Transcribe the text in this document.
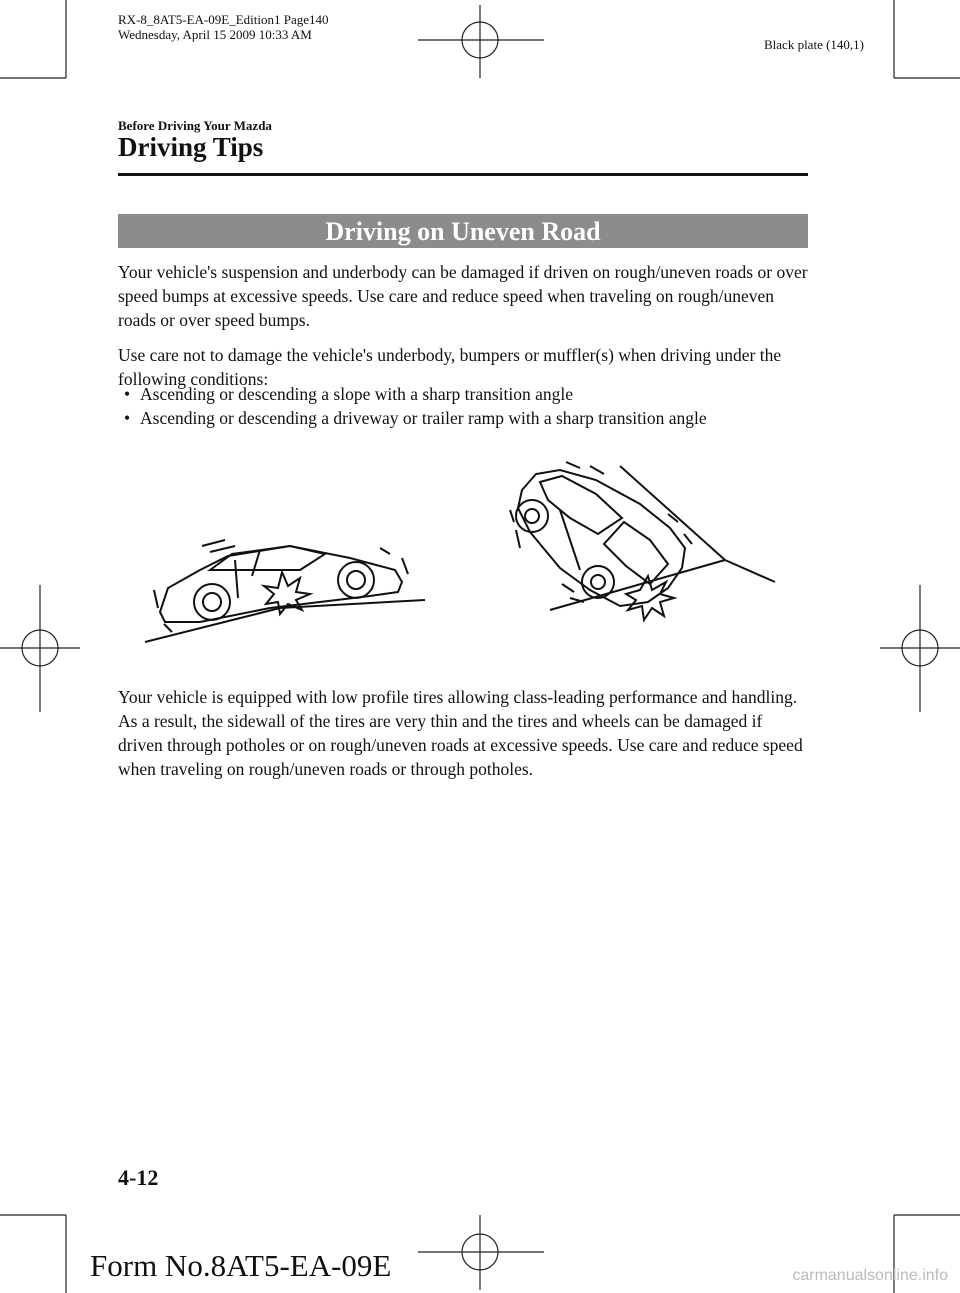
RX-8_8AT5-EA-09E_Edition1 Page140
Wednesday, April 15 2009 10:33 AM
Black plate (140,1)
Before Driving Your Mazda
Driving Tips
Driving on Uneven Road

Your vehicle's suspension and underbody can be damaged if driven on rough/uneven roads or over speed bumps at excessive speeds. Use care and reduce speed when traveling on rough/uneven roads or over speed bumps.

Use care not to damage the vehicle's underbody, bumpers or muffler(s) when driving under the following conditions:

• Ascending or descending a slope with a sharp transition angle
• Ascending or descending a driveway or trailer ramp with a sharp transition angle

Your vehicle is equipped with low profile tires allowing class-leading performance and handling. As a result, the sidewall of the tires are very thin and the tires and wheels can be damaged if driven through potholes or on rough/uneven roads at excessive speeds. Use care and reduce speed when traveling on rough/uneven roads or through potholes.

4-12
Form No.8AT5-EA-09E	carmanualsonline.info
